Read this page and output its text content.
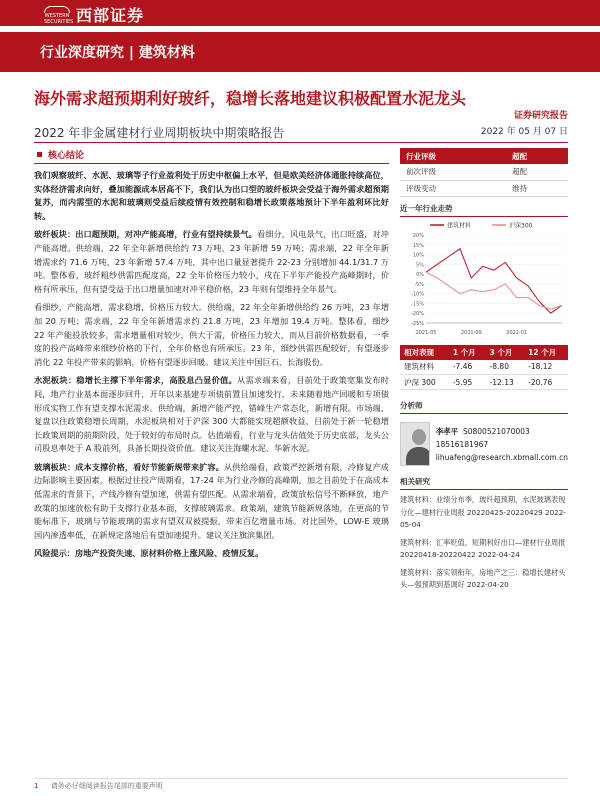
WESTERN SECURITIES 西部证券
行业深度研究 | 建筑材料
海外需求超预期利好玻纤，稳增长落地建议积极配置水泥龙头
证券研究报告
2022 年非金属建材行业周期板块中期策略报告	2022 年 05 月 07 日
核心结论

我们观察玻纤、水泥、玻璃等子行业盈利处于历史中枢偏上水平，但是欧美经济体通胀持续高位，实体经济需求向好，叠加能源成本居高不下，我们认为出口型的玻纤板块会受益于海外需求超预期复苏，而内需型的水泥和玻璃则受益后续疫情有效控制和稳增长政策落地预计下半年盈利环比好转。

玻纤板块：出口超预期，对冲产能高增，行业有望持续景气。看细分，风电景气，出口旺盛，对冲产能高增。供给端，22 年全年新增供给约 73 万吨，23 年新增 59 万吨；需求端，22 年全年新增需求约 71.6 万吨，23 年新增 57.4 万吨，其中出口量显著提升 22-23 分别增加 44.1/31.7 万吨。整体看，玻纤粗纱供需匹配度高，22 全年价格压力较小，戌在下半年产能投产高峰期时，价格有所承压，但有望受益于出口增量加速对冲平稳价格，23 年则有望维持全年景气。

看细纱，产能高增，需求稳增，价格压力较大。供给端，22 年全年新增供给约 26 万吨，23 年增加 20 万吨；需求端，22 年全年新增需求约 21.8 万吨，23 年增加 19.4 万吨。整体看，细纱 22 年产能投放较多，需求增量相对较少，供大于需，价格压力较大，而从目前价格数据看，一季度的投产高峰带来细纱价格的下行，全年价格也有所承压。23 年，细纱供需匹配较好，有望逐步消化 22 年投产带来的影响，价格有望逐步回暖。建议关注中国巨石、长海股份。

水泥板块：稳增长主撑下半年需求，高股息凸显价值。从需求端来看，目前处于政策宽集发布时间，地产行业基本面逐步回升，开年以来基建专项债前置且加速发行，未来随着地产回暖和专项债形成实物工作有望支撑水泥需求。供给端，新增产能严控，错峰生产常态化，新增有限。市场端，复盘以往政策稳增长周期，水泥板块相对于沪深 300 大都能实现超额收益，目前处于新一轮稳增长政策周期的前期阶段，处于较好的布局时点。估值端看，行业与龙头估值处于历史底部，龙头公司股息率处于 A 股前列，具备长期投资价值。建议关注海螺水泥、华新水泥。

玻璃板块：成本支撑价格，看好节能新规带来扩容。从供给端看，政策严控新增有限，冷修复产成边际影响主要因素，根据过往投产周期看，17-24 年为行业冷修的高峰期，加之目前处于在高成本低需求的背景下，产线冷修有望加速，供需有望匹配。从需求端看，政策放松信号不断释放，地产政策的加速放松有助于支撑行业基本面，支撑玻璃需求。政策端，建筑节能新规落地，在更高的节能标准下，玻璃与节能玻璃的需求有望双双被提振，带来百亿增量市场。对比国外，LOW-E 玻璃国内渗透率低，在新规定落地后有望加速提升。建议关注旗滨集团。

风险提示：房地产投资失速、原材料价格上涨风险、疫情反复。

行业评级	超配
前次评级	超配
评级变动	维持
近一年行业走势
建筑材料	沪深300
-25%
-20%
-15%
-10%
-5%
0%
5%
10%
15%
20%
2021-05	2021-09	2022-01
相对表现	1 个月	3 个月	12 个月
建筑材料	-7.46	-8.80	-18.12
沪深 300	-5.95	-12.13	-20.76
分析师
李孝平 S0800521070003
18516181967
lihuafeng@research.xbmall.com.cn
相关研究

建筑材料：业绩分布季，玻纤超预期，水泥玻璃表现分化—建材行业周报 20220425-20220429 2022-05-04

建筑材料：汇率贬值，短期利好出口—建材行业周报 20220418-20220422 2022-04-24

建筑材料：落实领衔年，房地产之三：稳增长建材头头—强预期到基调好 2022-04-20

1 请务必仔细阅读报告尾部的重要声明
